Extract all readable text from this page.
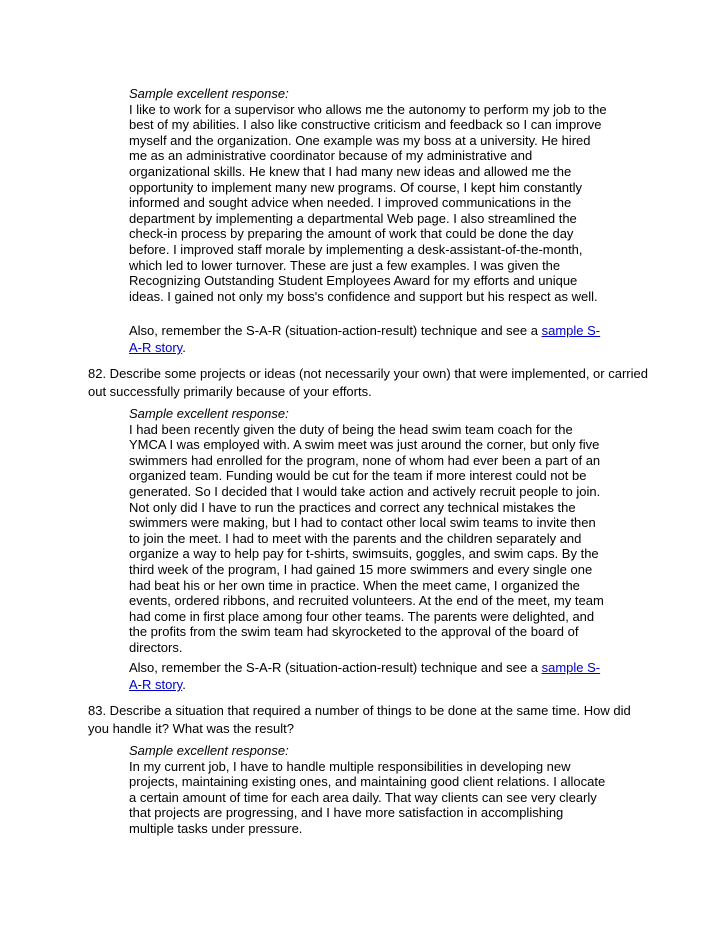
Sample excellent response:
I like to work for a supervisor who allows me the autonomy to perform my job to the best of my abilities. I also like constructive criticism and feedback so I can improve myself and the organization. One example was my boss at a university. He hired me as an administrative coordinator because of my administrative and organizational skills. He knew that I had many new ideas and allowed me the opportunity to implement many new programs. Of course, I kept him constantly informed and sought advice when needed. I improved communications in the department by implementing a departmental Web page. I also streamlined the check-in process by preparing the amount of work that could be done the day before. I improved staff morale by implementing a desk-assistant-of-the-month, which led to lower turnover. These are just a few examples. I was given the Recognizing Outstanding Student Employees Award for my efforts and unique ideas. I gained not only my boss's confidence and support but his respect as well.
Also, remember the S-A-R (situation-action-result) technique and see a sample S-A-R story.
82. Describe some projects or ideas (not necessarily your own) that were implemented, or carried out successfully primarily because of your efforts.
Sample excellent response:
I had been recently given the duty of being the head swim team coach for the YMCA I was employed with. A swim meet was just around the corner, but only five swimmers had enrolled for the program, none of whom had ever been a part of an organized team. Funding would be cut for the team if more interest could not be generated. So I decided that I would take action and actively recruit people to join. Not only did I have to run the practices and correct any technical mistakes the swimmers were making, but I had to contact other local swim teams to invite then to join the meet. I had to meet with the parents and the children separately and organize a way to help pay for t-shirts, swimsuits, goggles, and swim caps. By the third week of the program, I had gained 15 more swimmers and every single one had beat his or her own time in practice. When the meet came, I organized the events, ordered ribbons, and recruited volunteers. At the end of the meet, my team had come in first place among four other teams. The parents were delighted, and the profits from the swim team had skyrocketed to the approval of the board of directors.
Also, remember the S-A-R (situation-action-result) technique and see a sample S-A-R story.
83. Describe a situation that required a number of things to be done at the same time. How did you handle it? What was the result?
Sample excellent response:
In my current job, I have to handle multiple responsibilities in developing new projects, maintaining existing ones, and maintaining good client relations. I allocate a certain amount of time for each area daily. That way clients can see very clearly that projects are progressing, and I have more satisfaction in accomplishing multiple tasks under pressure.
